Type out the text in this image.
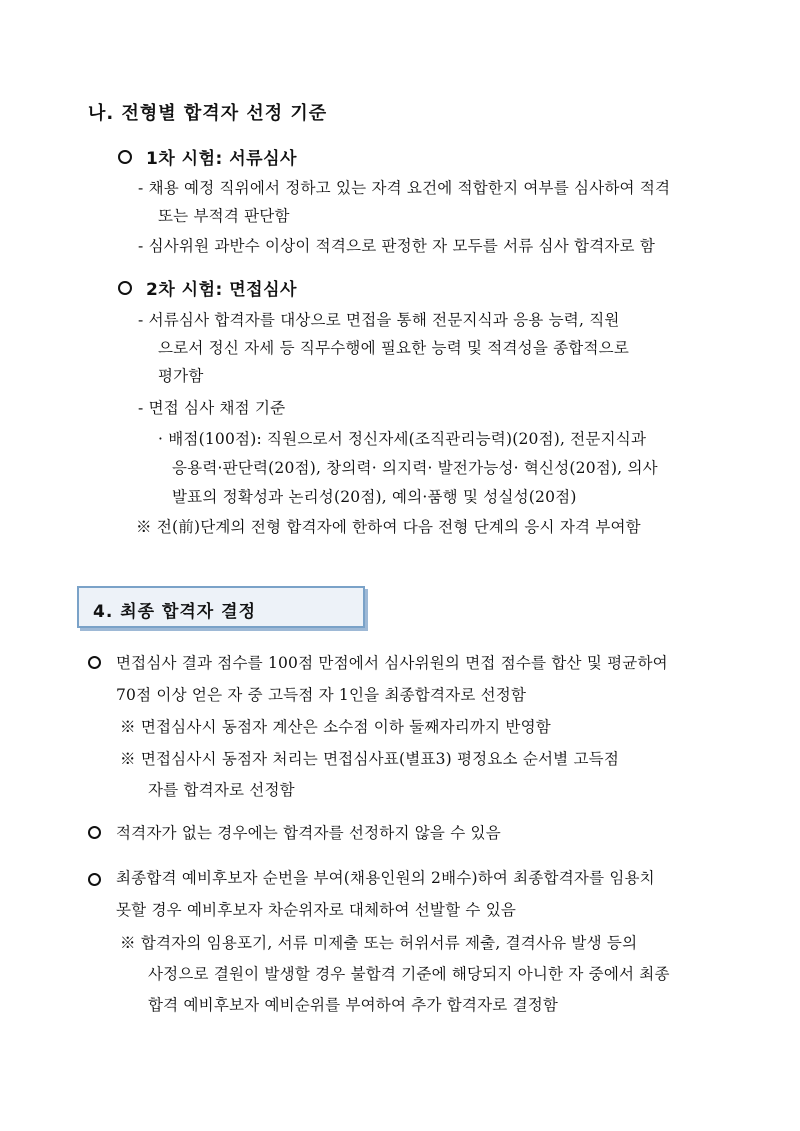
나. 전형별 합격자 선정 기준
1차 시험: 서류심사
- 채용 예정 직위에서 정하고 있는 자격 요건에 적합한지 여부를 심사하여 적격
또는 부적격 판단함
- 심사위원 과반수 이상이 적격으로 판정한 자 모두를 서류 심사 합격자로 함
2차 시험: 면접심사
- 서류심사 합격자를 대상으로 면접을 통해 전문지식과 응용 능력, 직원
으로서 정신 자세 등 직무수행에 필요한 능력 및 적격성을 종합적으로
평가함
- 면접 심사 채점 기준
· 배점(100점): 직원으로서 정신자세(조직관리능력)(20점), 전문지식과
응용력·판단력(20점), 창의력· 의지력· 발전가능성· 혁신성(20점), 의사
발표의 정확성과 논리성(20점), 예의·품행 및 성실성(20점)
※ 전(前)단계의 전형 합격자에 한하여 다음 전형 단계의 응시 자격 부여함
4. 최종 합격자 결정
면접심사 결과 점수를 100점 만점에서 심사위원의 면접 점수를 합산 및 평균하여
70점 이상 얻은 자 중 고득점 자 1인을 최종합격자로 선정함
※ 면접심사시 동점자 계산은 소수점 이하 둘째자리까지 반영함
※ 면접심사시 동점자 처리는 면접심사표(별표3) 평정요소 순서별 고득점
자를 합격자로 선정함
적격자가 없는 경우에는 합격자를 선정하지 않을 수 있음
최종합격 예비후보자 순번을 부여(채용인원의 2배수)하여 최종합격자를 임용치
못할 경우 예비후보자 차순위자로 대체하여 선발할 수 있음
※ 합격자의 임용포기, 서류 미제출 또는 허위서류 제출, 결격사유 발생 등의
사정으로 결원이 발생할 경우 불합격 기준에 해당되지 아니한 자 중에서 최종
합격 예비후보자 예비순위를 부여하여 추가 합격자로 결정함
